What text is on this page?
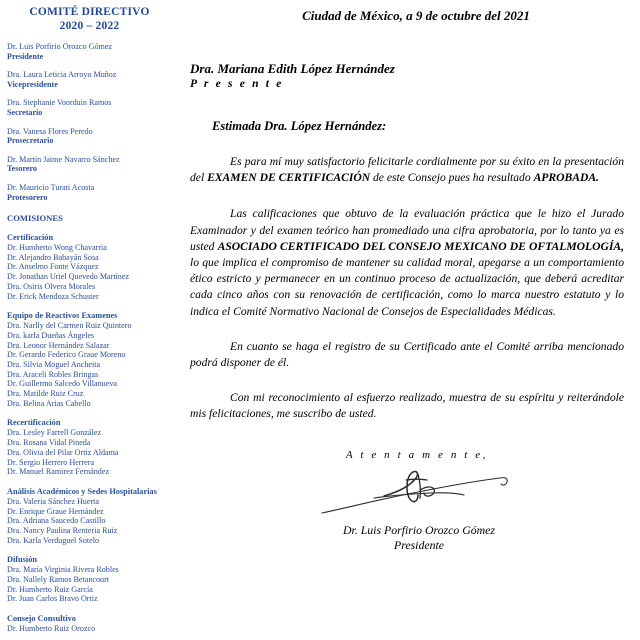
COMITÉ DIRECTIVO
2020 – 2022
Dr. Luis Porfirio Orozco Gómez
Presidente
Dra. Laura Leticia Arroyo Muñoz
Vicepresidente
Dra. Stephanie Voorduin Ramos
Secretario
Dra. Vanesa Flores Peredo
Prosecretario
Dr. Martin Jaime Navarro Sánchez
Tesorero
Dr. Mauricio Turati Acosta
Protesorero
COMISIONES
Certificación
Dr. Humberto Wong Chavarria
Dr. Alejandro Babayán Sosa
Dr. Anselmo Fonte Vázquez
Dr. Jonathan Uriel Quevedo Martínez
Dra. Osiris Olvera Morales
Dr. Erick Mendoza Schuster
Equipo de Reactivos Examenes
Dra. Narlly del Carmen Ruiz Quintero
Dra. karla Dueñas Ángeles
Dra. Leonor Hernández Salazar
Dr. Gerardo Federico Graue Moreno
Dra. Silvia Moguel Ancheita
Dra. Araceli Robles Bringas
Dr. Guillermo Salcedo Villanueva
Dra. Matilde Ruiz Cruz
Dra. Belina Arias Cabello
Recertificación
Dra. Lesley Farrell González
Dra. Rosana Vidal Pineda
Dra. Olivia del Pilar Ortiz Aldama
Dr. Sergio Herrero Herrera
Dr. Manuel Ramirez Fernández
Análisis Académicos y Sedes Hospitalarias
Dra. Valeria Sánchez Huerta
Dr. Enrique Graue Hernández
Dra. Adriana Saucedo Castillo
Dra. Nancy Paulina Renteria Ruiz
Dra. Karla Verduguel Sotelo
Difusión
Dra. María Virginia Rivera Robles
Dra. Nallely Ramos Betancourt
Dr. Humberto Ruiz García
Dr. Juan Carlos Bravo Ortiz
Consejo Consultivo
Dr. Humberto Ruiz Orozco
Ciudad de México, a 9 de octubre del 2021
Dra. Mariana Edith López Hernández
P r e s e n t e
Estimada Dra. López Hernández:

Es para mí muy satisfactorio felicitarle cordialmente por su éxito en la presentación del EXAMEN DE CERTIFICACIÓN de este Consejo pues ha resultado APROBADA.

Las calificaciones que obtuvo de la evaluación práctica que le hizo el Jurado Examinador y del examen teórico han promediado una cifra aprobatoria, por lo tanto ya es usted ASOCIADO CERTIFICADO DEL CONSEJO MEXICANO DE OFTALMOLOGÍA, lo que implica el compromiso de mantener su calidad moral, apegarse a un comportamiento ético estricto y permanecer en un continuo proceso de actualización, que deberá acreditar cada cinco años con su renovación de certificación, como lo marca nuestro estatuto y lo indica el Comité Normativo Nacional de Consejos de Especialidades Médicas.

En cuanto se haga el registro de su Certificado ante el Comité arriba mencionado podrá disponer de él.

Con mi reconocimiento al esfuerzo realizado, muestra de su espíritu y reiterándole mis felicitaciones, me suscribo de usted.

A t e n t a m e n t e,
Dr. Luis Porfirio Orozco Gómez
Presidente
